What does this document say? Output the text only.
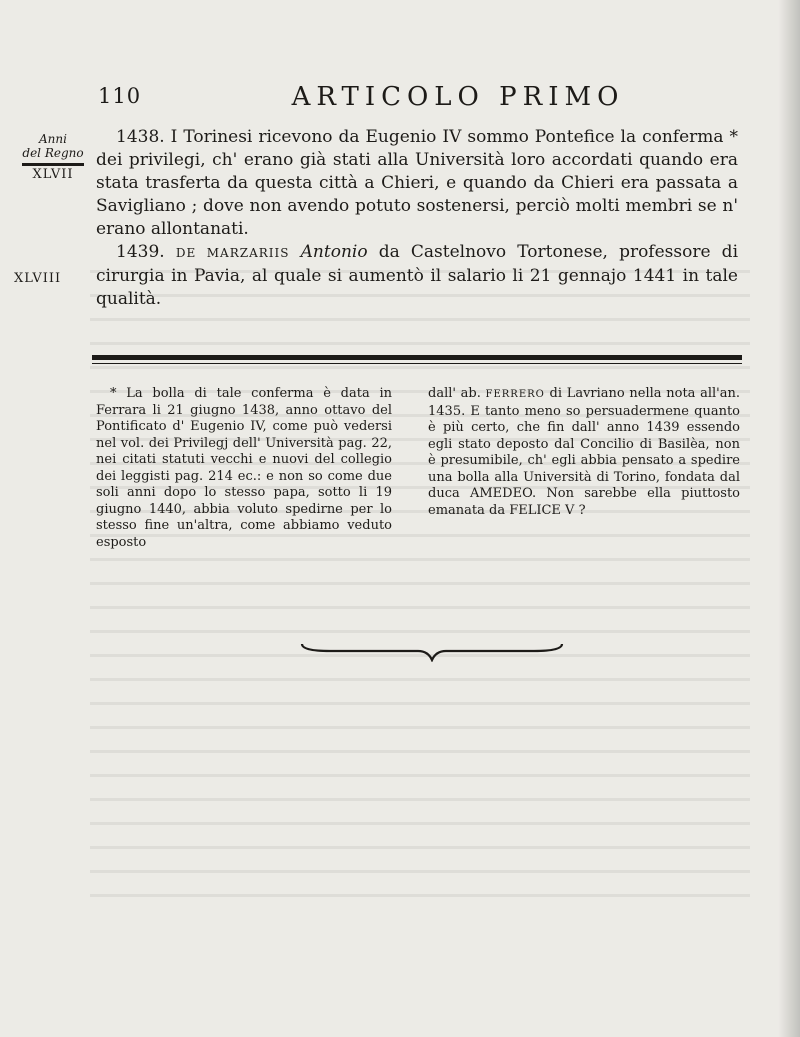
110	ARTICOLO PRIMO
Anni
del Regno
XLVII
XLVIII

1438. I Torinesi ricevono da Eugenio IV sommo Pontefice la conferma * dei privilegi, ch' erano già stati alla Università loro accordati quando era stata trasferta da questa città a Chieri, e quando da Chieri era passata a Savigliano ; dove non avendo potuto sostenersi, perciò molti membri se n' erano allontanati.

1439. DE MARZARIIS Antonio da Castelnovo Tortonese, professore di cirurgia in Pavia, al quale si aumentò il salario li 21 gennajo 1441 in tale qualità.

* La bolla di tale conferma è data in Ferrara li 21 giugno 1438, anno ottavo del Pontificato d' Eugenio IV, come può vedersi nel vol. dei Privilegj dell' Università pag. 22, nei citati statuti vecchi e nuovi del collegio dei leggisti pag. 214 ec.: e non so come due soli anni dopo lo stesso papa, sotto li 19 giugno 1440, abbia voluto spedirne per lo stesso fine un'altra, come abbiamo veduto esposto

dall' ab. FERRERO di Lavriano nella nota all'an. 1435. E tanto meno so persuadermene quanto è più certo, che fin dall' anno 1439 essendo egli stato deposto dal Concilio di Basilèa, non è presumibile, ch' egli abbia pensato a spedire una bolla alla Università di Torino, fondata dal duca AMEDEO. Non sarebbe ella piuttosto emanata da FELICE V ?
